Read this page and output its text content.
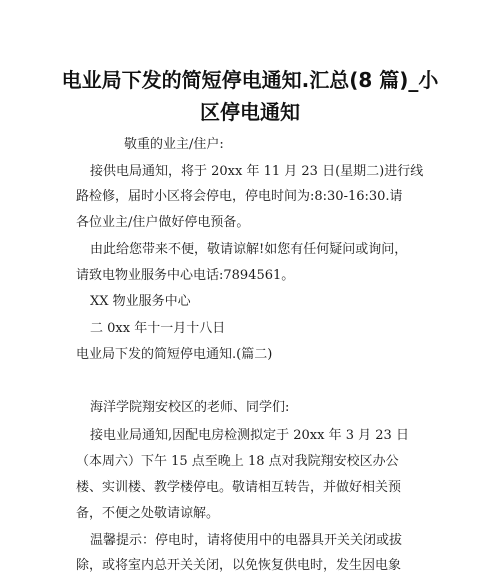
电业局下发的简短停电通知.汇总(8 篇)_小
区停电通知

敬重的业主/住户:

接供电局通知，将于 20xx 年 11 月 23 日(星期二)进行线

路检修，届时小区将会停电，停电时间为:8:30-16:30.请

各位业主/住户做好停电预备。

由此给您带来不便，敬请谅解!如您有任何疑问或询问，

请致电物业服务中心电话:7894561。

XX 物业服务中心

二 0xx 年十一月十八日

电业局下发的简短停电通知.(篇二)

海洋学院翔安校区的老师、同学们:

接电业局通知,因配电房检测拟定于 20xx 年 3 月 23 日

（本周六）下午 15 点至晚上 18 点对我院翔安校区办公

楼、实训楼、教学楼停电。敬请相互转告，并做好相关预

备，不便之处敬请谅解。

温馨提示：停电时，请将使用中的电器具开关关闭或拔

除，或将室内总开关关闭，以免恢复供电时，发生因电象
